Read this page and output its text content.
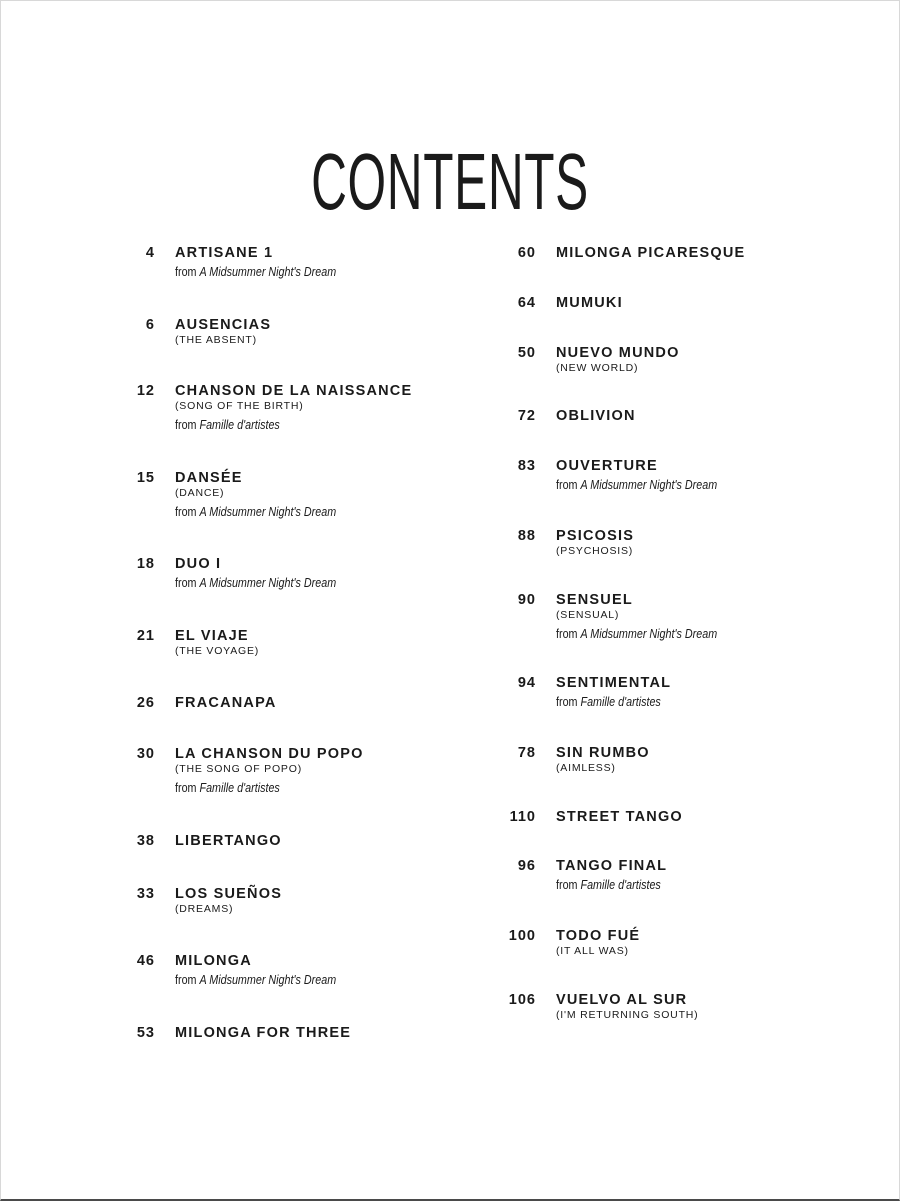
CONTENTS
4 ARTISANE 1
from A Midsummer Night's Dream
6 AUSENCIAS
(THE ABSENT)
12 CHANSON DE LA NAISSANCE
(SONG OF THE BIRTH)
from Famille d'artistes
15 DANSÉE
(DANCE)
from A Midsummer Night's Dream
18 DUO I
from A Midsummer Night's Dream
21 EL VIAJE
(THE VOYAGE)
26 FRACANAPA
30 LA CHANSON DU POPO
(THE SONG OF POPO)
from Famille d'artistes
38 LIBERTANGO
33 LOS SUEÑOS
(DREAMS)
46 MILONGA
from A Midsummer Night's Dream
53 MILONGA FOR THREE
60 MILONGA PICARESQUE
64 MUMUKI
50 NUEVO MUNDO
(NEW WORLD)
72 OBLIVION
83 OUVERTURE
from A Midsummer Night's Dream
88 PSICOSIS
(PSYCHOSIS)
90 SENSUEL
(SENSUAL)
from A Midsummer Night's Dream
94 SENTIMENTAL
from Famille d'artistes
78 SIN RUMBO
(AIMLESS)
110 STREET TANGO
96 TANGO FINAL
from Famille d'artistes
100 TODO FUÉ
(IT ALL WAS)
106 VUELVO AL SUR
(I'M RETURNING SOUTH)
